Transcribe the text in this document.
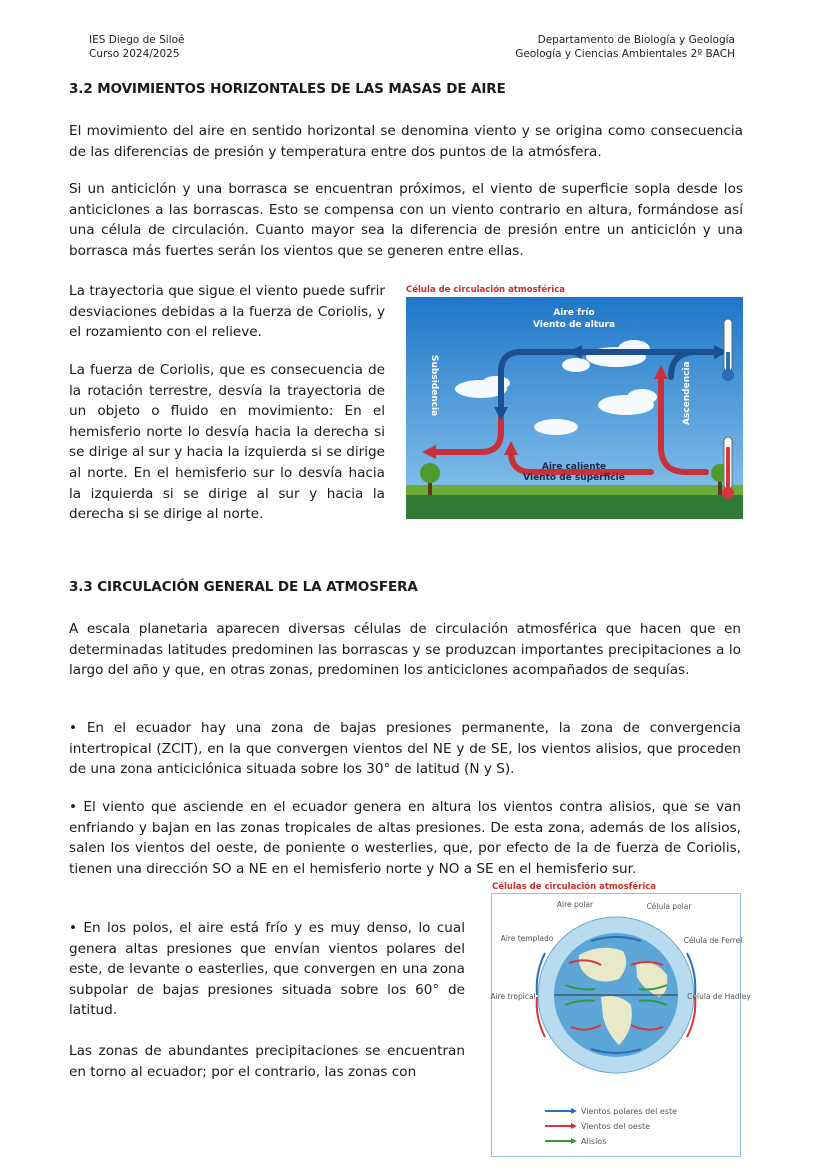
IES Diego de Siloé
Curso 2024/2025
Departamento de Biología y Geología
Geología y Ciencias Ambientales 2º BACH
3.2 MOVIMIENTOS HORIZONTALES DE LAS MASAS DE AIRE
El movimiento del aire en sentido horizontal se denomina viento y se origina como consecuencia de las diferencias de presión y temperatura entre dos puntos de la atmósfera.
Si un anticiclón y una borrasca se encuentran próximos, el viento de superficie sopla desde los anticiclones a las borrascas. Esto se compensa con un viento contrario en altura, formándose así una célula de circulación. Cuanto mayor sea la diferencia de presión entre un anticiclón y una borrasca más fuertes serán los vientos que se generen entre ellas.
La trayectoria que sigue el viento puede sufrir desviaciones debidas a la fuerza de Coriolis, y el rozamiento con el relieve.
La fuerza de Coriolis, que es consecuencia de la rotación terrestre, desvía la trayectoria de un objeto o fluido en movimiento: En el hemisferio norte lo desvía hacia la derecha si se dirige al sur y hacia la izquierda si se dirige al norte. En el hemisferio sur lo desvía hacia la izquierda si se dirige al sur y hacia la derecha si se dirige al norte.
Célula de circulación atmosférica
Aire frío
Viento de altura
Aire caliente
Viento de superficie
Subsidencia	Ascendencia
3.3 CIRCULACIÓN GENERAL DE LA ATMOSFERA
A escala planetaria aparecen diversas células de circulación atmosférica que hacen que en determinadas latitudes predominen las borrascas y se produzcan importantes precipitaciones a lo largo del año y que, en otras zonas, predominen los anticiclones acompañados de sequías.
• En el ecuador hay una zona de bajas presiones permanente, la zona de convergencia intertropical (ZCIT), en la que convergen vientos del NE y de SE, los vientos alisios, que proceden de una zona anticiclónica situada sobre los 30° de latitud (N y S).
• El viento que asciende en el ecuador genera en altura los vientos contra alisios, que se van enfriando y bajan en las zonas tropicales de altas presiones. De esta zona, además de los alisios, salen los vientos del oeste, de poniente o westerlies, que, por efecto de la de fuerza de Coriolis, tienen una dirección SO a NE en el hemisferio norte y NO a SE en el hemisferio sur.
• En los polos, el aire está frío y es muy denso, lo cual genera altas presiones que envían vientos polares del este, de levante o easterlies, que convergen en una zona subpolar de bajas presiones situada sobre los 60° de latitud.
Las zonas de abundantes precipitaciones se encuentran en torno al ecuador; por el contrario, las zonas con
Células de circulación atmosférica
Aire polar	Célula polar
Aire templado	Célula de Ferrel
Aire tropical	Célula de Hadley
Vientos polares del este
Vientos del oeste
Alisios
